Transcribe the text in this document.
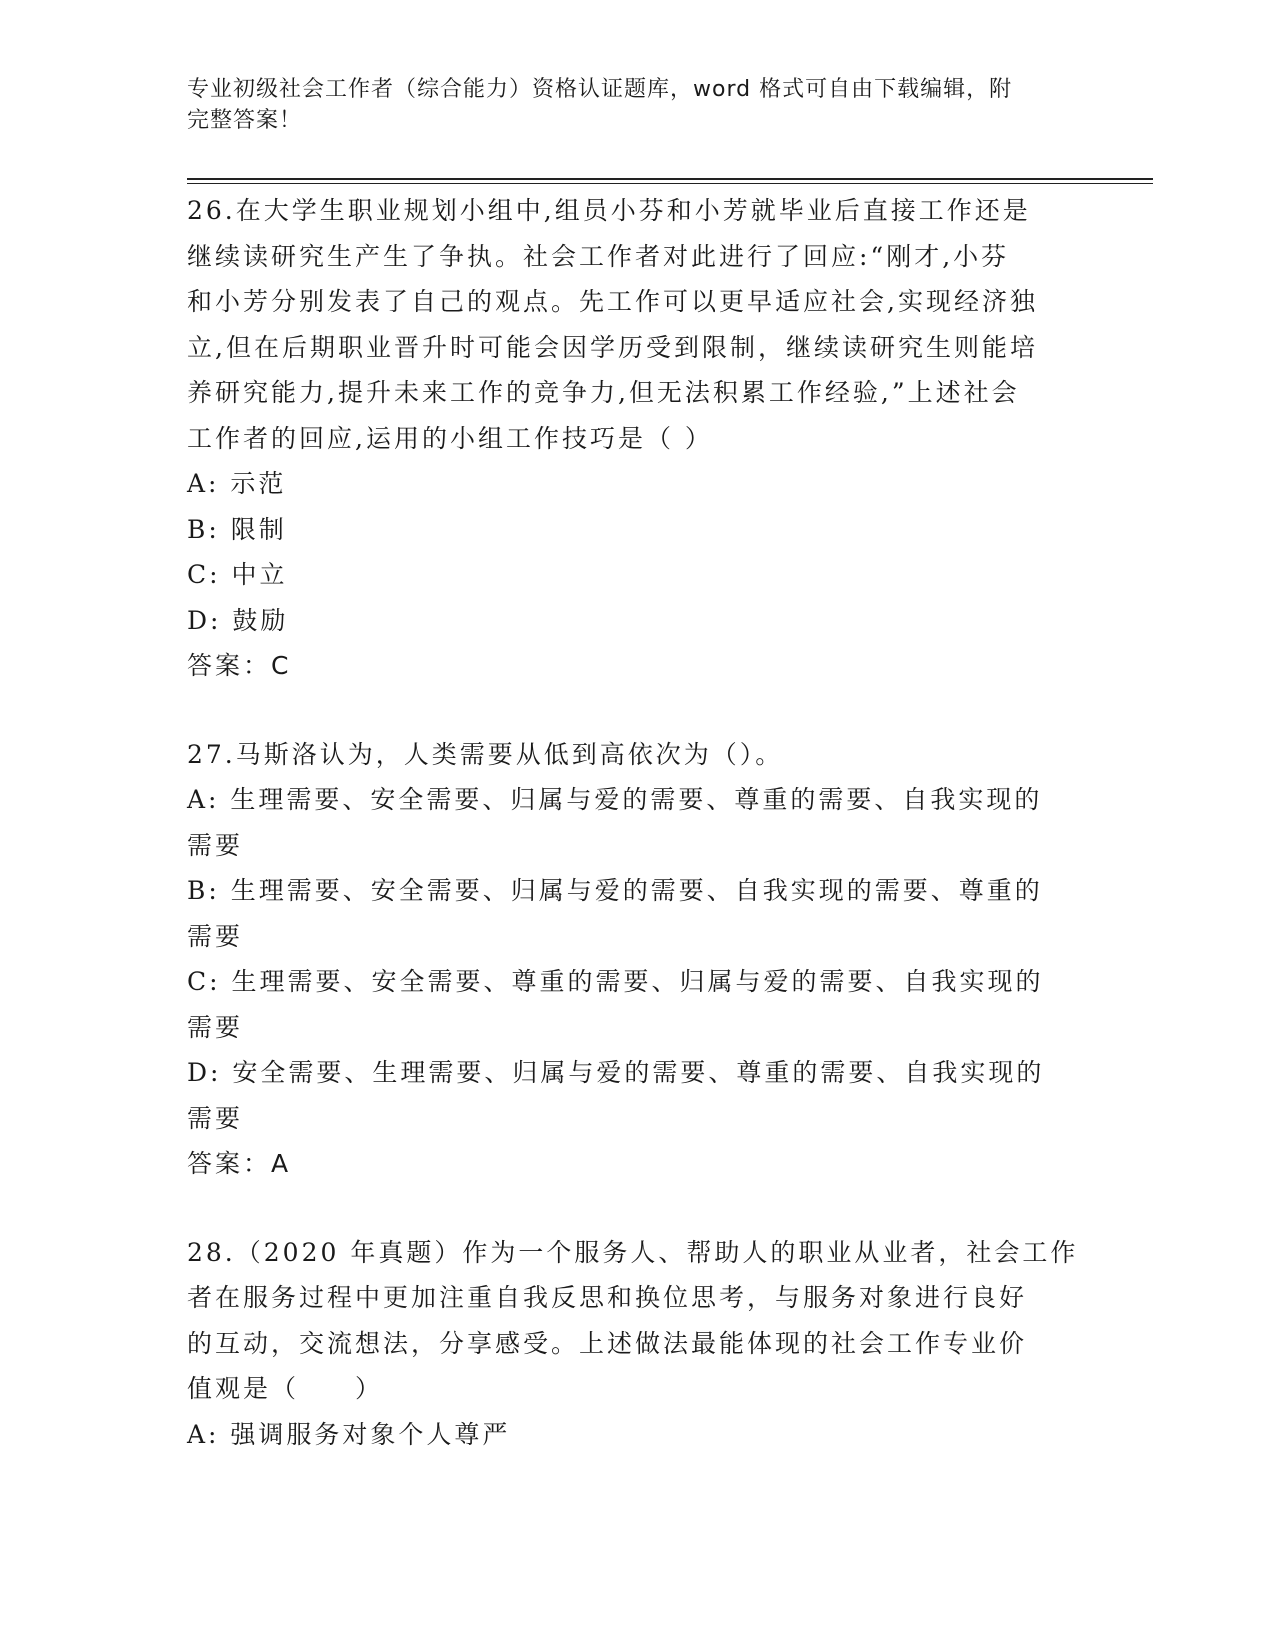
专业初级社会工作者（综合能力）资格认证题库，word 格式可自由下载编辑，附
完整答案！
26.在大学生职业规划小组中,组员小芬和小芳就毕业后直接工作还是
继续读研究生产生了争执。社会工作者对此进行了回应:“刚才,小芬
和小芳分别发表了自己的观点。先工作可以更早适应社会,实现经济独
立,但在后期职业晋升时可能会因学历受到限制，继续读研究生则能培
养研究能力,提升未来工作的竞争力,但无法积累工作经验,”上述社会
工作者的回应,运用的小组工作技巧是（ ）
A: 示范
B: 限制
C: 中立
D: 鼓励
答案：C
27.马斯洛认为，人类需要从低到高依次为（）。
A: 生理需要、安全需要、归属与爱的需要、尊重的需要、自我实现的
需要
B: 生理需要、安全需要、归属与爱的需要、自我实现的需要、尊重的
需要
C: 生理需要、安全需要、尊重的需要、归属与爱的需要、自我实现的
需要
D: 安全需要、生理需要、归属与爱的需要、尊重的需要、自我实现的
需要
答案：A
28.（2020 年真题）作为一个服务人、帮助人的职业从业者，社会工作
者在服务过程中更加注重自我反思和换位思考，与服务对象进行良好
的互动，交流想法，分享感受。上述做法最能体现的社会工作专业价
值观是（　　）
A: 强调服务对象个人尊严
